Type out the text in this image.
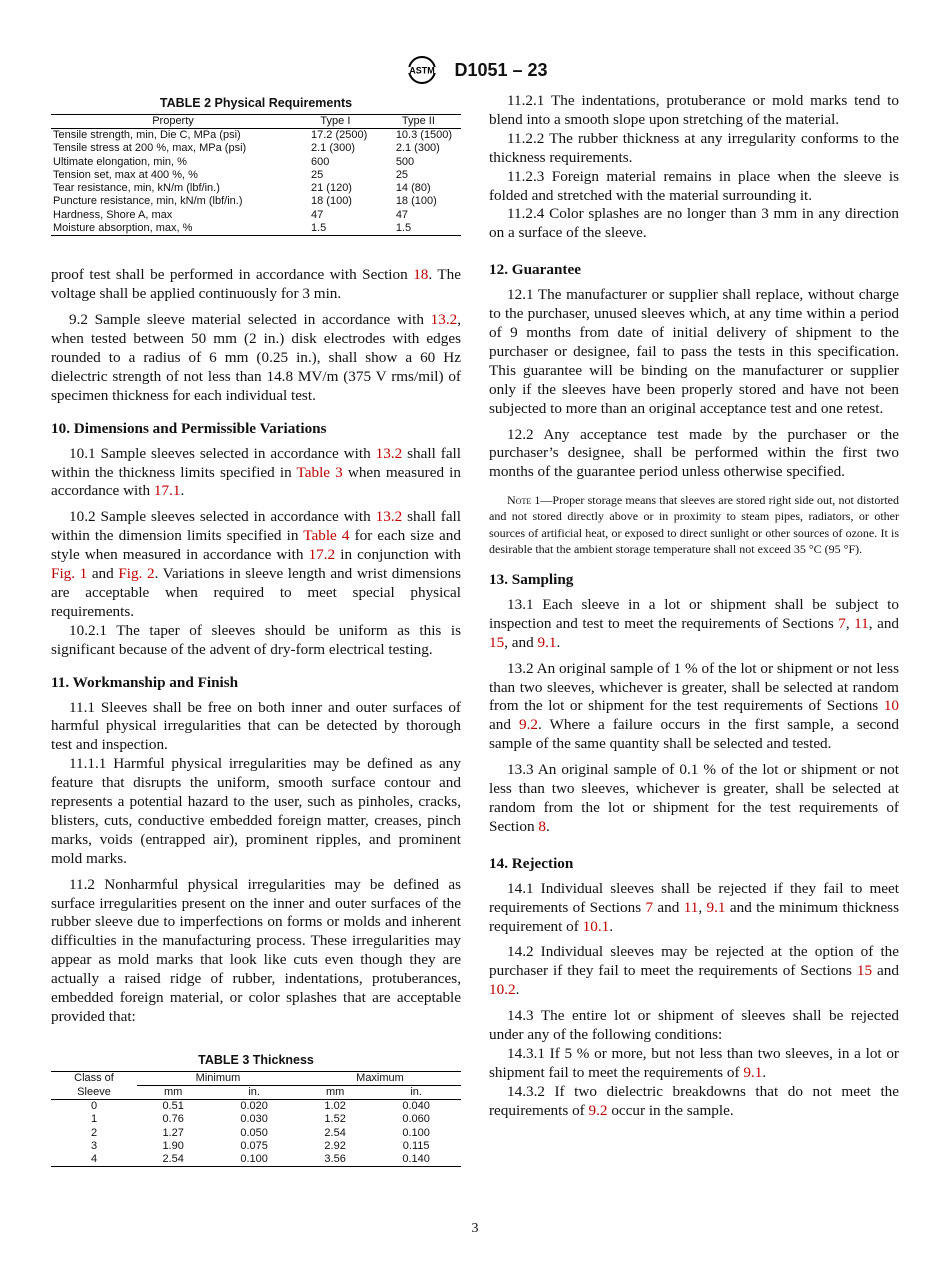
ASTM D1051 – 23
TABLE 2 Physical Requirements
Property	Type I	Type II
Tensile strength, min, Die C, MPa (psi)	17.2 (2500)	10.3 (1500)
Tensile stress at 200 %, max, MPa (psi)	2.1 (300)	2.1 (300)
Ultimate elongation, min, %	600	500
Tension set, max at 400 %, %	25	25
Tear resistance, min, kN/m (lbf/in.)	21 (120)	14 (80)
Puncture resistance, min, kN/m (lbf/in.)	18 (100)	18 (100)
Hardness, Shore A, max	47	47
Moisture absorption, max, %	1.5	1.5

proof test shall be performed in accordance with Section 18. The voltage shall be applied continuously for 3 min.

9.2 Sample sleeve material selected in accordance with 13.2, when tested between 50 mm (2 in.) disk electrodes with edges rounded to a radius of 6 mm (0.25 in.), shall show a 60 Hz dielectric strength of not less than 14.8 MV/m (375 V rms/mil) of specimen thickness for each individual test.

10. Dimensions and Permissible Variations

10.1 Sample sleeves selected in accordance with 13.2 shall fall within the thickness limits specified in Table 3 when measured in accordance with 17.1.

10.2 Sample sleeves selected in accordance with 13.2 shall fall within the dimension limits specified in Table 4 for each size and style when measured in accordance with 17.2 in conjunction with Fig. 1 and Fig. 2. Variations in sleeve length and wrist dimensions are acceptable when required to meet special physical requirements.

10.2.1 The taper of sleeves should be uniform as this is significant because of the advent of dry-form electrical testing.

11. Workmanship and Finish

11.1 Sleeves shall be free on both inner and outer surfaces of harmful physical irregularities that can be detected by thorough test and inspection.

11.1.1 Harmful physical irregularities may be defined as any feature that disrupts the uniform, smooth surface contour and represents a potential hazard to the user, such as pinholes, cracks, blisters, cuts, conductive embedded foreign matter, creases, pinch marks, voids (entrapped air), prominent ripples, and prominent mold marks.

11.2 Nonharmful physical irregularities may be defined as surface irregularities present on the inner and outer surfaces of the rubber sleeve due to imperfections on forms or molds and inherent difficulties in the manufacturing process. These irregularities may appear as mold marks that look like cuts even though they are actually a raised ridge of rubber, indentations, protuberances, embedded foreign material, or color splashes that are acceptable provided that:

TABLE 3 Thickness
Class of	Minimum		Maximum	
Sleeve	mm	in.	mm	in.
0	0.51	0.020	1.02	0.040
1	0.76	0.030	1.52	0.060
2	1.27	0.050	2.54	0.100
3	1.90	0.075	2.92	0.115
4	2.54	0.100	3.56	0.140

11.2.1 The indentations, protuberance or mold marks tend to blend into a smooth slope upon stretching of the material.

11.2.2 The rubber thickness at any irregularity conforms to the thickness requirements.

11.2.3 Foreign material remains in place when the sleeve is folded and stretched with the material surrounding it.

11.2.4 Color splashes are no longer than 3 mm in any direction on a surface of the sleeve.

12. Guarantee

12.1 The manufacturer or supplier shall replace, without charge to the purchaser, unused sleeves which, at any time within a period of 9 months from date of initial delivery of shipment to the purchaser or designee, fail to pass the tests in this specification. This guarantee will be binding on the manufacturer or supplier only if the sleeves have been properly stored and have not been subjected to more than an original acceptance test and one retest.

12.2 Any acceptance test made by the purchaser or the purchaser’s designee, shall be performed within the first two months of the guarantee period unless otherwise specified.

Note 1—Proper storage means that sleeves are stored right side out, not distorted and not stored directly above or in proximity to steam pipes, radiators, or other sources of artificial heat, or exposed to direct sunlight or other sources of ozone. It is desirable that the ambient storage temperature shall not exceed 35 °C (95 °F).
13. Sampling

13.1 Each sleeve in a lot or shipment shall be subject to inspection and test to meet the requirements of Sections 7, 11, and 15, and 9.1.

13.2 An original sample of 1 % of the lot or shipment or not less than two sleeves, whichever is greater, shall be selected at random from the lot or shipment for the test requirements of Sections 10 and 9.2. Where a failure occurs in the first sample, a second sample of the same quantity shall be selected and tested.

13.3 An original sample of 0.1 % of the lot or shipment or not less than two sleeves, whichever is greater, shall be selected at random from the lot or shipment for the test requirements of Section 8.

14. Rejection

14.1 Individual sleeves shall be rejected if they fail to meet requirements of Sections 7 and 11, 9.1 and the minimum thickness requirement of 10.1.

14.2 Individual sleeves may be rejected at the option of the purchaser if they fail to meet the requirements of Sections 15 and 10.2.

14.3 The entire lot or shipment of sleeves shall be rejected under any of the following conditions:

14.3.1 If 5 % or more, but not less than two sleeves, in a lot or shipment fail to meet the requirements of 9.1.

14.3.2 If two dielectric breakdowns that do not meet the requirements of 9.2 occur in the sample.

3
